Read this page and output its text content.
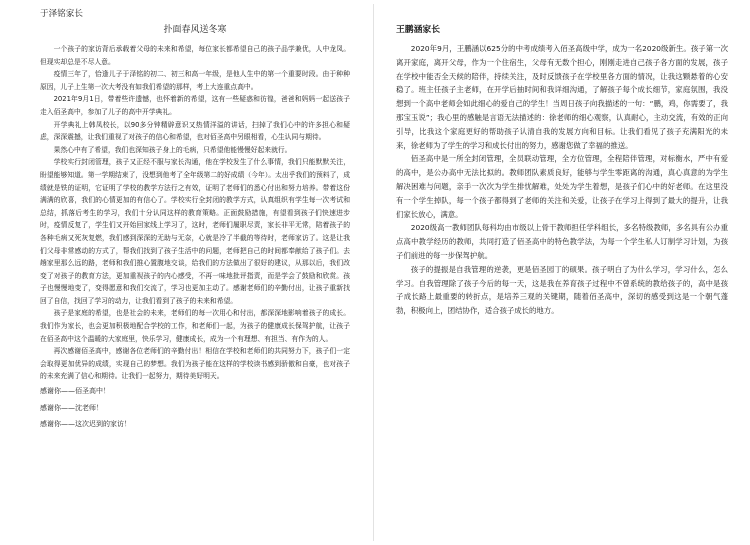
于泽铭家长
扑面春风送冬寒

一个孩子的家访背后承载着父母的未来和希望，每位家长都希望自己的孩子品学兼优，人中龙凤。但现实却总是不尽人意。

疫情三年了，恰逢儿子于泽铭的初二、初三和高一年级，是他人生中的第一个重要时段。由于种种原因，儿子上生第一次大考没有如我们希望的那样，考上大连重点高中。

2021年9月1日，带着些许遗憾，也怀着新的希望，这有一些疑惑和彷徨，爸爸和妈妈一起送孩子走入佰圣高中，参加了儿子的高中开学典礼。

开学典礼上韩凤校长，以90多分钟精辟意识又热情洋溢的讲话，扫掉了我们心中的许多担心和疑虑，深深震撼，让我们重视了对孩子的信心和希望，也对佰圣高中另眼相看，心生认同与期待。

果然心中有了希望，我们也深知孩子身上的毛病，只希望他能慢慢好起来就行。

学校实行封闭管理，孩子又正经不服与家长沟通，他在学校发生了什么事情，我们只能默默关注，盼望能够知道。第一学期结束了，没想到他考了全年级第二的好成绩（今年）。太出乎我们的预料了，成绩就是铁的证明，它证明了学校的教学方法行之有效，证明了老师们的悉心付出和努力培养。带着这份满满的欣喜，我们的心情更加的有信心了。学校实行全封闭的教学方式，认真组织有学生每一次考试和总结，抓落后考生的学习，我们十分认同这样的教育策略。正面鼓励措施，有望看到孩子们快速进步时，疫情反复了，学生们又开始回家线上学习了，这时，老师们履职尽责，家长非平无常，陪着孩子的各种毛病又死灰复燃，我们感到深深的无助与无奈，心就是冷了半截的等待时，老师家访了。这是让我们父母非常感动的方式了，帮我们找到了孩子生活中的问题，老师把自己的时间都奉献给了孩子们。去趟家里那么远的路，老师和我们推心置腹地交谈，给我们的方法做出了很好的建议，从那以后，我们改变了对孩子的教育方法，更加重视孩子的内心感受，不再一味地批评指责，而是学会了鼓励和欣赏。孩子也慢慢地变了，变得愿意和我们交流了，学习也更加主动了。感谢老师们的辛勤付出，让孩子重新找回了自信，找回了学习的动力，让我们看到了孩子的未来和希望。

孩子是家庭的希望，也是社会的未来，老师们的每一次用心和付出，都深深地影响着孩子的成长。我们作为家长，也会更加积极地配合学校的工作，和老师们一起，为孩子的健康成长保驾护航，让孩子在佰圣高中这个温暖的大家庭里，快乐学习，健康成长，成为一个有理想、有担当、有作为的人。

再次感谢佰圣高中，感谢各位老师们的辛勤付出！相信在学校和老师们的共同努力下，孩子们一定会取得更加优异的成绩，实现自己的梦想。我们为孩子能在这样的学校读书感到骄傲和自豪，也对孩子的未来充满了信心和期待。让我们一起努力，期待美好明天。

感谢你——佰圣高中！
感谢你——沈老师！
感谢你——这次迟到的家访！
王鹏涵家长

2020年9月，王鹏涵以625分的中考成绩考入佰圣高级中学，成为一名2020级新生。孩子第一次离开家庭，离开父母，作为一个住宿生，父母有无数个担心，刚刚走进自己孩子各方面的发展，孩子在学校中能否全天候的陪伴，持续关注，及时反馈孩子在学校里各方面的情况，让我这颗悬着的心安稳了。班主任孩子主老师，在开学后抽时间和我详细沟通，了解孩子每个成长细节，家庭氛围，我没想到一个高中老师会如此细心的爱自己的学生！当周日孩子向我描述的一句：“鹏，鸡，你需要了，我那宝玉说”；我心里的感触是言语无法描述的：徐老师的细心观察，认真耐心，主动交流，有效的正向引导，比我这个家庭更好的帮助孩子认清自我的发展方向和目标。让我们看见了孩子充满阳光的未来，徐老师为了学生的学习和成长付出的努力，感谢您做了幸福的推送。

佰圣高中是一所全封闭管理，全员联动管理，全方位管理，全程陪伴管理，对标衡水，严中有爱的高中，是公办高中无法比拟的。教师团队素质良好，能够与学生零距离的沟通，真心真意的为学生解决困难与问题，亲手一次次为学生排忧解难，处处为学生着想，是孩子们心中的好老师。在这里没有一个学生掉队，每一个孩子都得到了老师的关注和关爱，让孩子在学习上得到了最大的提升，让我们家长放心，满意。

2020级高一教师团队每科均由市级以上骨干教师担任学科组长，多名特级教师，多名具有公办重点高中教学经历的教师，共同打造了佰圣高中的特色教学法，为每一个学生私人订制学习计划，为孩子们前进的每一步保驾护航。

孩子的提振是自我管理的逆袭，更是佰圣园丁的硕果。孩子明白了为什么学习，学习什么，怎么学习。自我管理除了孩子今后的每一天，这是我在养育孩子过程中不曾系统的教给孩子的，高中是孩子成长路上最重要的转折点，是培养三观的关键期，随着佰圣高中，深切的感受到这是一个朝气蓬勃，积极向上，团结协作，适合孩子成长的地方。
